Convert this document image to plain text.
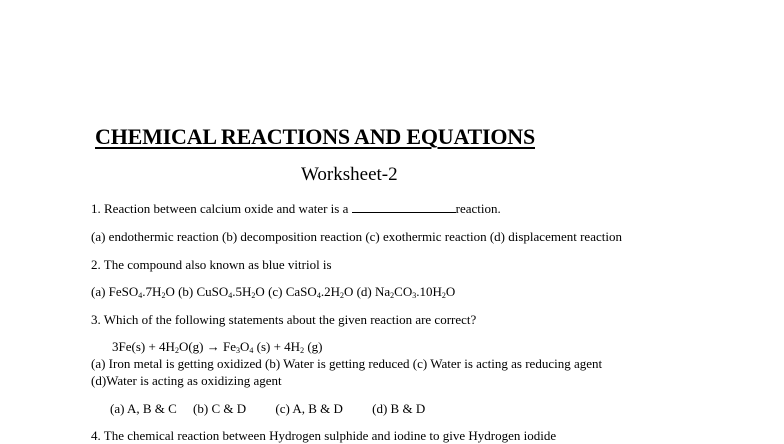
CHEMICAL REACTIONS AND EQUATIONS
Worksheet-2
1. Reaction between calcium oxide and water is a	reaction.
(a) endothermic reaction (b) decomposition reaction (c) exothermic reaction (d) displacement reaction
2. The compound also known as blue vitriol is
(a) $FeSO_4.7H_2O$ (b) $CuSO_4.5H_2O$ (c) $CaSO_4.2H_2O$ (d) $Na_2CO_3.10H_2O$
3. Which of the following statements about the given reaction are correct?
$3Fe(s) + 4H_2O(g) \to Fe_3O_4$ $(s) + 4H_2$ (g)
(a) Iron metal is getting oxidized (b) Water is getting reduced (c) Water is acting as reducing agent
(d)Water is acting as oxidizing agent
(a) A, B & C     (b) C & D         (c) A, B & D         (d) B & D
4. The chemical reaction between Hydrogen sulphide and iodine to give Hydrogen iodide
